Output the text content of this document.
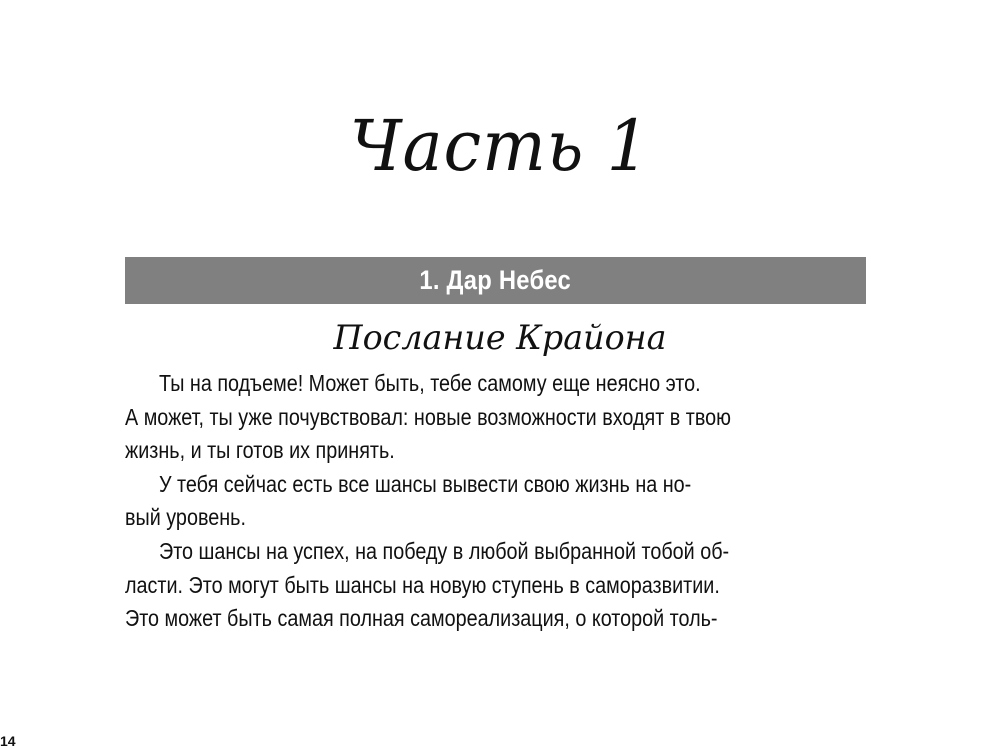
Часть 1
1. Дар Небес
Послание Крайона
Ты на подъеме! Может быть, тебе самому еще неясно это.
А может, ты уже почувствовал: новые возможности входят в твою
жизнь, и ты готов их принять.
У тебя сейчас есть все шансы вывести свою жизнь на но-
вый уровень.
Это шансы на успех, на победу в любой выбранной тобой об-
ласти. Это могут быть шансы на новую ступень в саморазвитии.
Это может быть самая полная самореализация, о которой толь-
14
